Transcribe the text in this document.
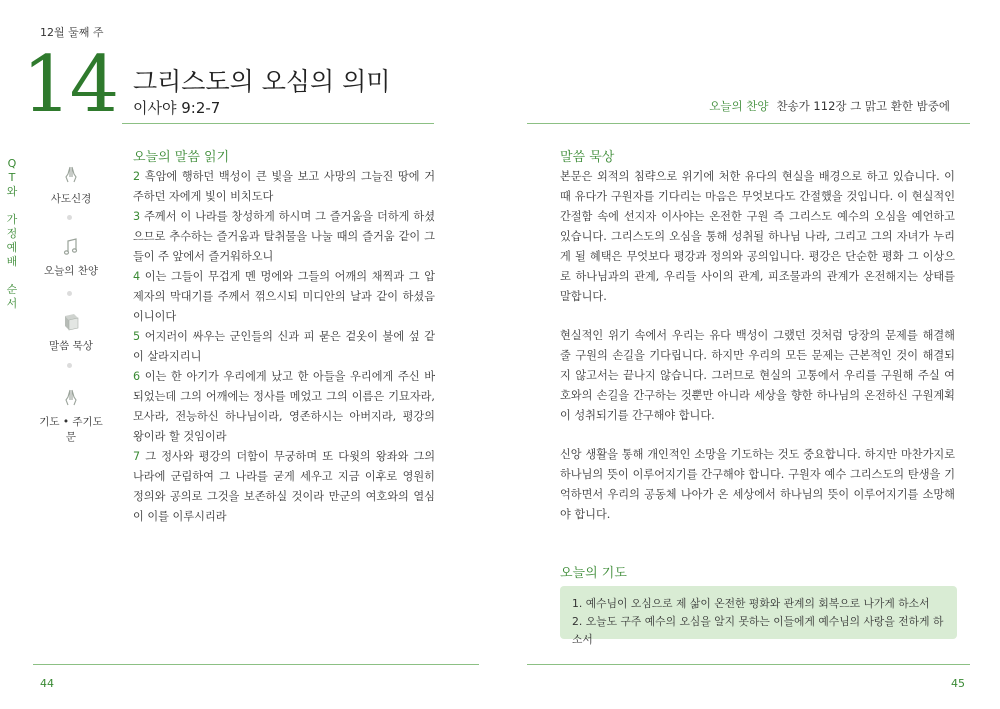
12월 둘째 주
14 그리스도의 오심의 의미
이사야 9:2-7	오늘의 찬양 찬송가 112장 그 맑고 환한 밤중에
Q
T
와
가
정
예
배
순
서
사도신경
오늘의 찬양
말씀 묵상
기도 • 주기도문
오늘의 말씀 읽기
2 흑암에 행하던 백성이 큰 빛을 보고 사망의 그늘진 땅에 거주하던 자에게 빛이 비치도다
3 주께서 이 나라를 창성하게 하시며 그 즐거움을 더하게 하셨으므로 추수하는 즐거움과 탈취물을 나눌 때의 즐거움 같이 그들이 주 앞에서 즐거워하오니
4 이는 그들이 무겁게 멘 멍에와 그들의 어깨의 채찍과 그 압제자의 막대기를 주께서 꺾으시되 미디안의 날과 같이 하셨음이니이다
5 어지러이 싸우는 군인들의 신과 피 묻은 겉옷이 불에 섶 같이 살라지리니
6 이는 한 아기가 우리에게 났고 한 아들을 우리에게 주신 바 되었는데 그의 어깨에는 정사를 메었고 그의 이름은 기묘자라, 모사라, 전능하신 하나님이라, 영존하시는 아버지라, 평강의 왕이라 할 것임이라
7 그 정사와 평강의 더함이 무궁하며 또 다윗의 왕좌와 그의 나라에 군림하여 그 나라를 굳게 세우고 지금 이후로 영원히 정의와 공의로 그것을 보존하실 것이라 만군의 여호와의 열심이 이를 이루시리라
말씀 묵상

본문은 외적의 침략으로 위기에 처한 유다의 현실을 배경으로 하고 있습니다. 이때 유다가 구원자를 기다리는 마음은 무엇보다도 간절했을 것입니다. 이 현실적인 간절함 속에 선지자 이사야는 온전한 구원 즉 그리스도 예수의 오심을 예언하고 있습니다. 그리스도의 오심을 통해 성취될 하나님 나라, 그리고 그의 자녀가 누리게 될 혜택은 무엇보다 평강과 정의와 공의입니다. 평강은 단순한 평화 그 이상으로 하나님과의 관계, 우리들 사이의 관계, 피조물과의 관계가 온전해지는 상태를 말합니다.

현실적인 위기 속에서 우리는 유다 백성이 그랬던 것처럼 당장의 문제를 해결해 줄 구원의 손길을 기다립니다. 하지만 우리의 모든 문제는 근본적인 것이 해결되지 않고서는 끝나지 않습니다. 그러므로 현실의 고통에서 우리를 구원해 주실 여호와의 손길을 간구하는 것뿐만 아니라 세상을 향한 하나님의 온전하신 구원계획이 성취되기를 간구해야 합니다.

신앙 생활을 통해 개인적인 소망을 기도하는 것도 중요합니다. 하지만 마찬가지로 하나님의 뜻이 이루어지기를 간구해야 합니다. 구원자 예수 그리스도의 탄생을 기억하면서 우리의 공동체 나아가 온 세상에서 하나님의 뜻이 이루어지기를 소망해야 합니다.

오늘의 기도
1. 예수님이 오심으로 제 삶이 온전한 평화와 관계의 회복으로 나가게 하소서
2. 오늘도 구주 예수의 오심을 알지 못하는 이들에게 예수님의 사랑을 전하게 하소서
44	45
